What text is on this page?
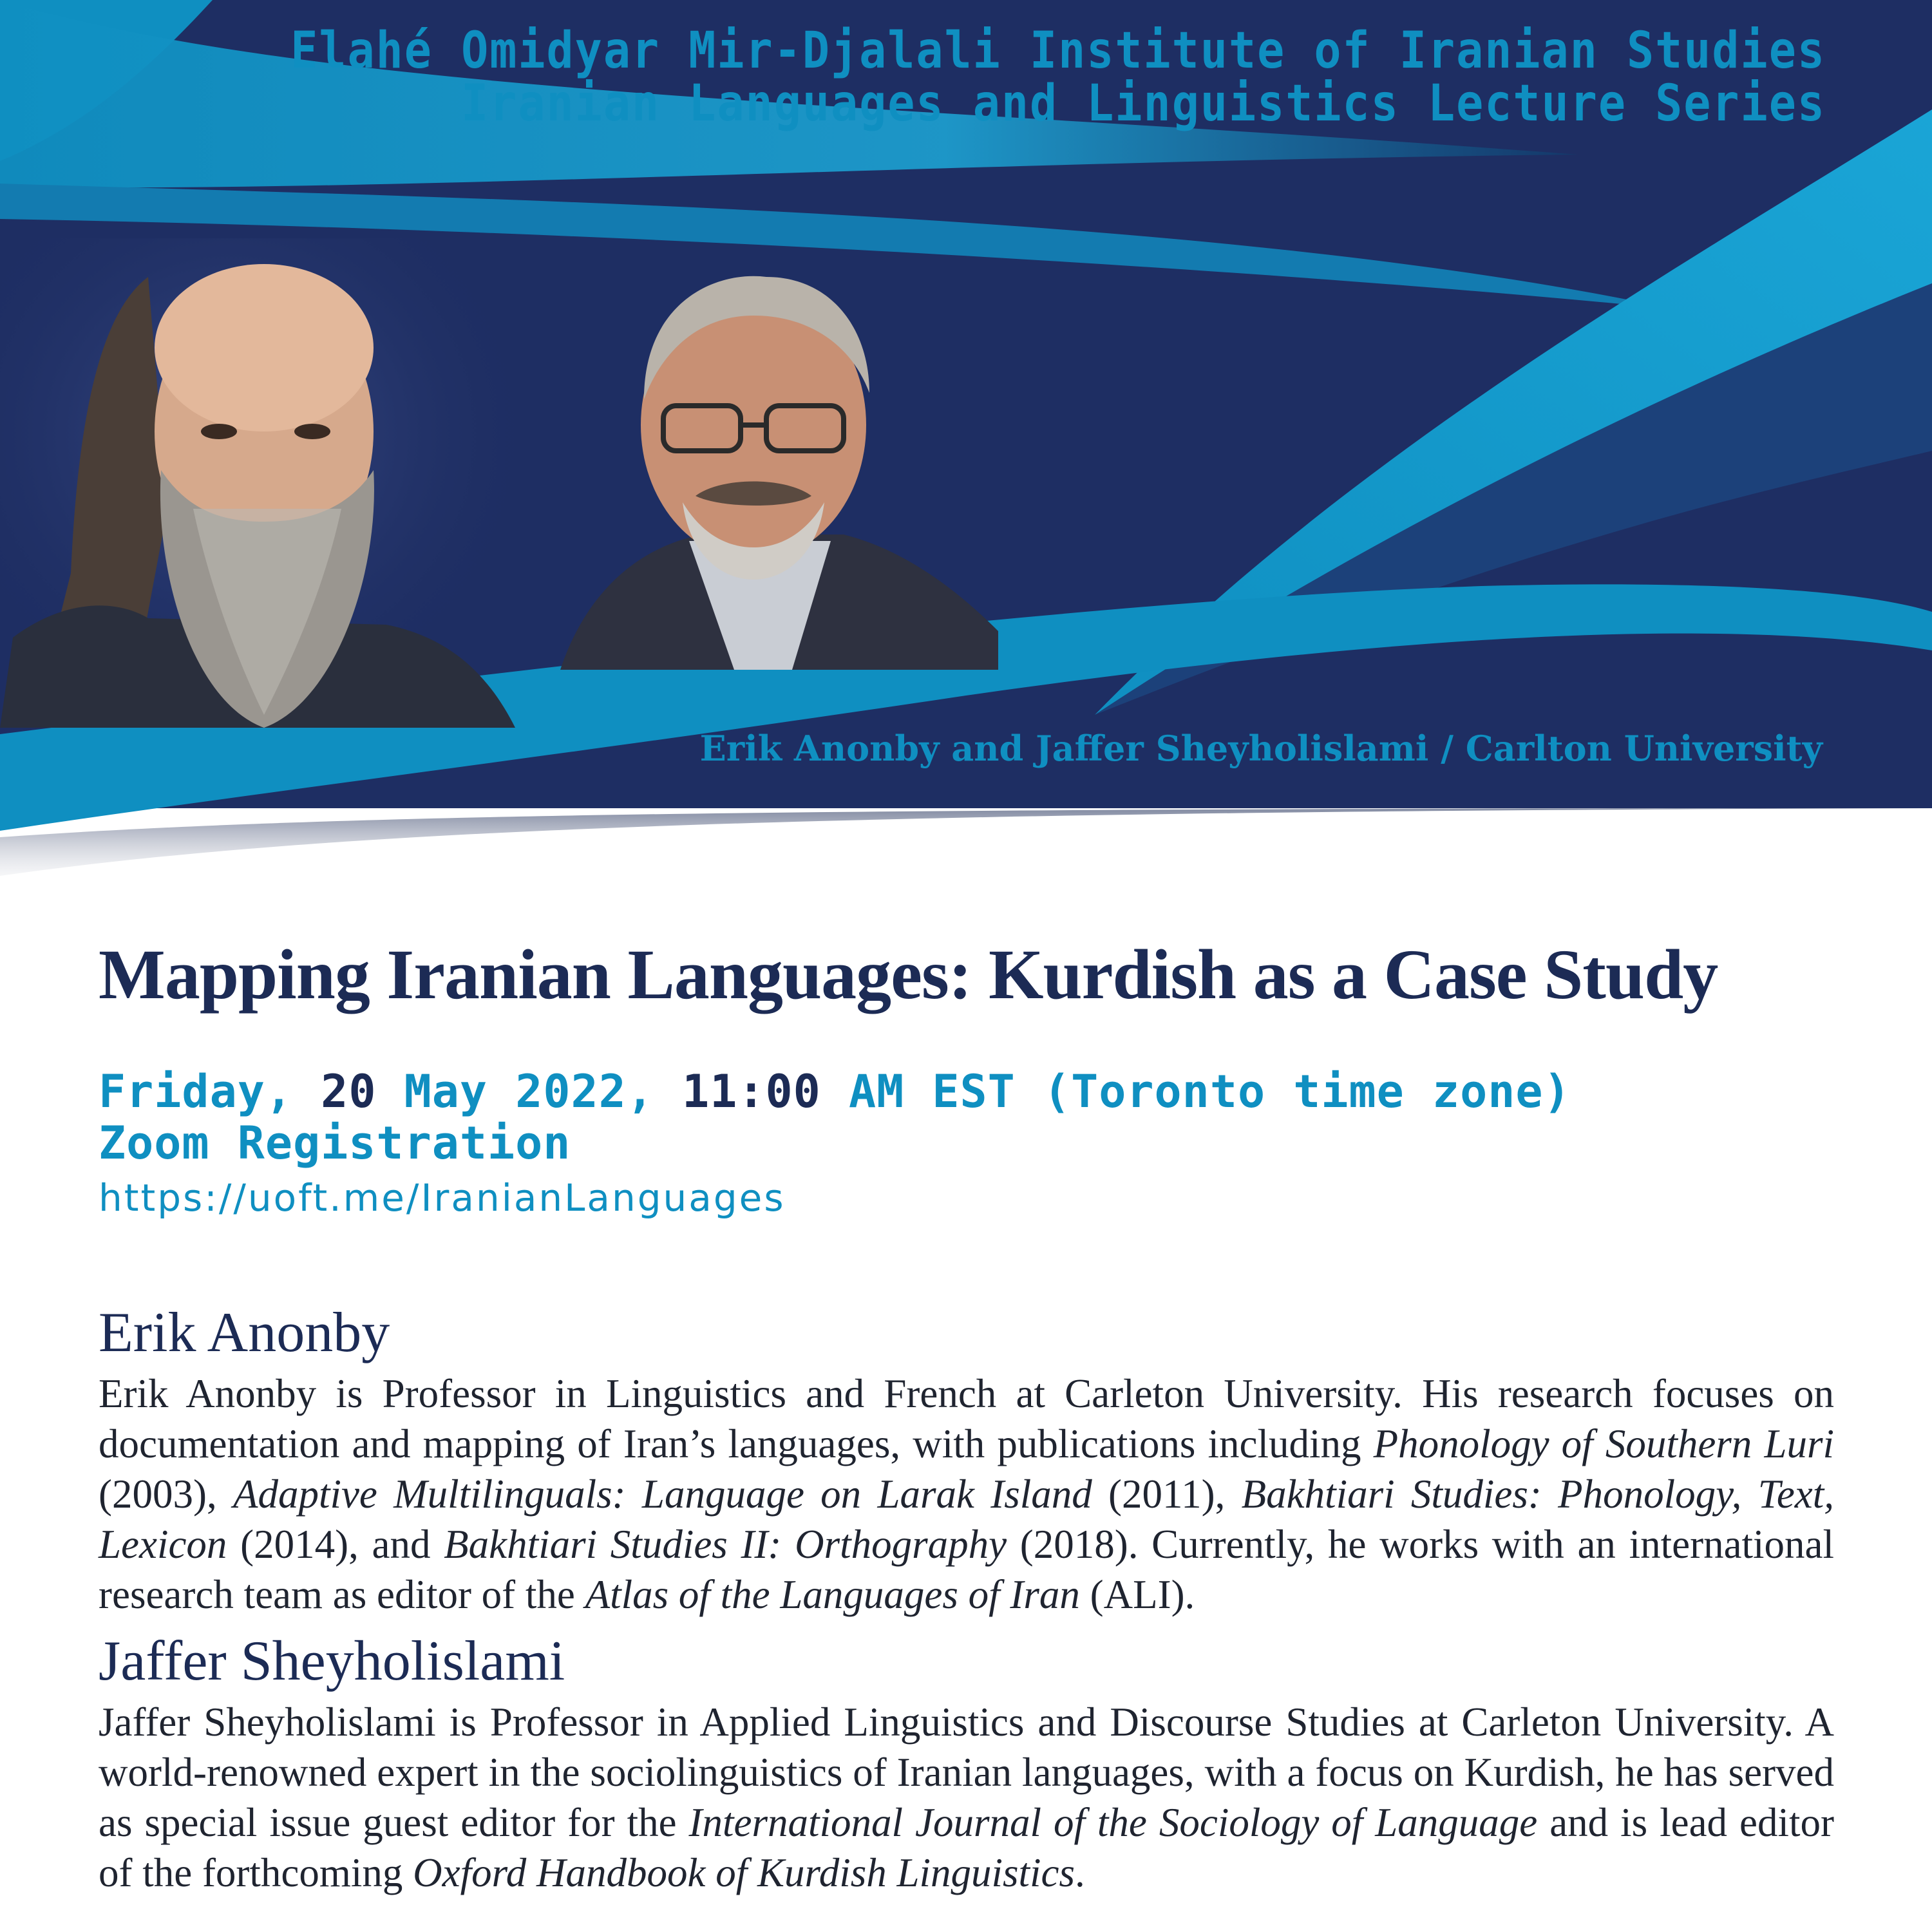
Elahé Omidyar Mir-Djalali Institute of Iranian Studies
Iranian Languages and Linguistics Lecture Series
Erik Anonby and Jaffer Sheyholislami / Carlton University
Mapping Iranian Languages: Kurdish as a Case Study
Friday, 20 May 2022, 11:00 AM EST (Toronto time zone)
Zoom Registration
https://uoft.me/IranianLanguages
Erik Anonby

Erik Anonby is Professor in Linguistics and French at Carleton University. His research focuses on documentation and mapping of Iran’s languages, with publications including Phonology of Southern Luri (2003), Adaptive Multilinguals: Language on Larak Island (2011), Bakhtiari Studies: Phonology, Text, Lexicon (2014), and Bakhtiari Studies II: Orthography (2018). Currently, he works with an international research team as editor of the Atlas of the Languages of Iran (ALI).

Jaffer Sheyholislami

Jaffer Sheyholislami is Professor in Applied Linguistics and Discourse Studies at Carleton University. A world-renowned expert in the sociolinguistics of Iranian languages, with a focus on Kurdish, he has served as special issue guest editor for the International Journal of the Sociology of Language and is lead editor of the forthcoming Oxford Handbook of Kurdish Linguistics.
